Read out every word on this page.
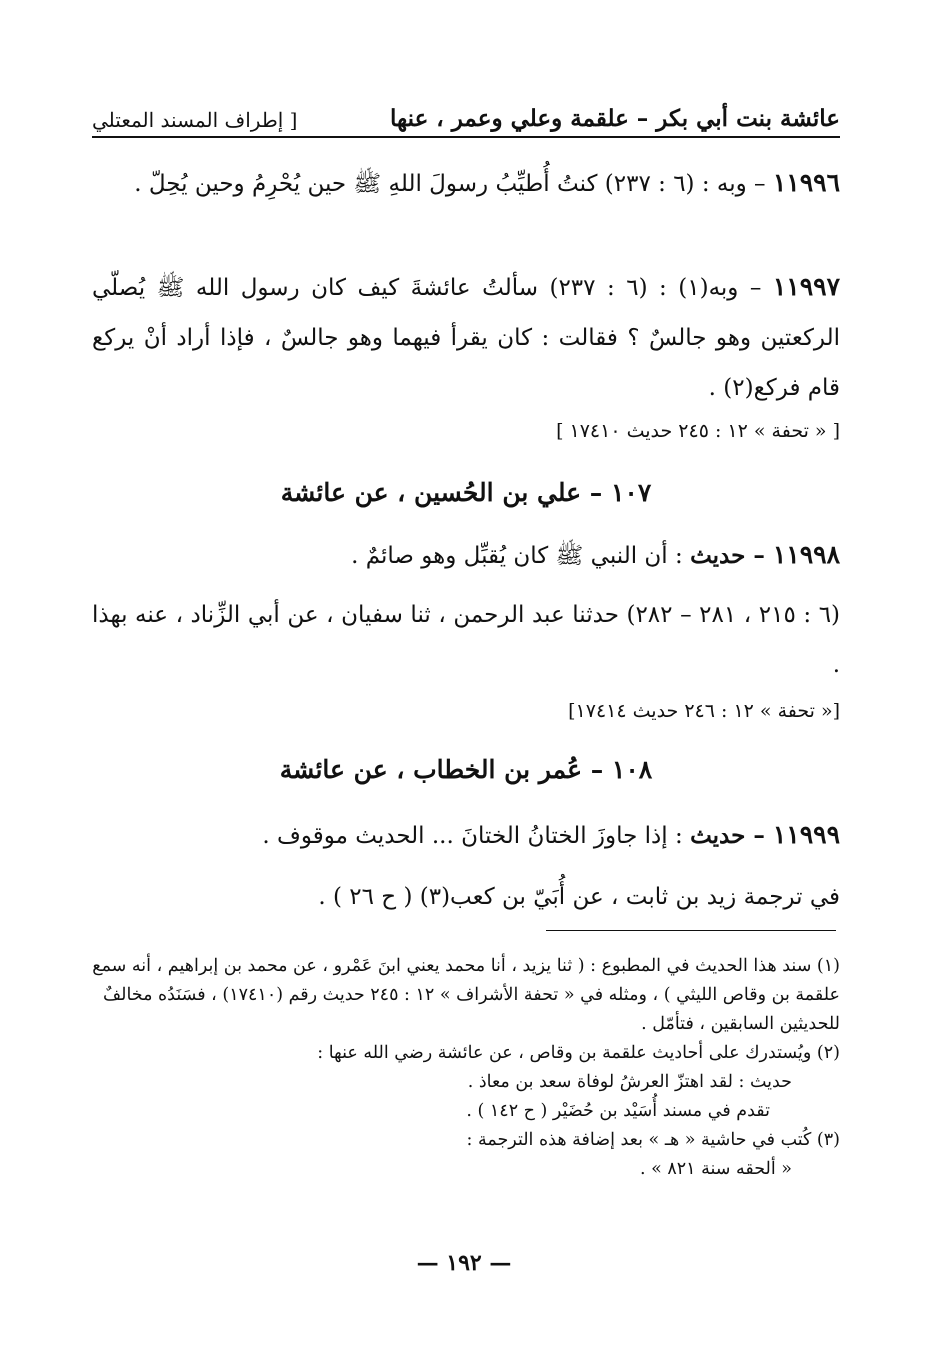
عائشة بنت أبي بكر – علقمة وعلي وعمر ، عنها
[ إطراف المسند المعتلي
١١٩٩٦ – وبه : (٦ : ٢٣٧) كنتُ أُطيِّبُ رسولَ اللهِ ﷺ حين يُحْرِمُ وحين يُحِلّ .
١١٩٩٧ – وبه(١) : (٦ : ٢٣٧) سألتُ عائشةَ كيف كان رسول الله ﷺ يُصلّي الركعتين وهو جالسٌ ؟ فقالت : كان يقرأ فيهما وهو جالسٌ ، فإذا أراد أنْ يركع قام فركع(٢) .
[ « تحفة » ١٢ : ٢٤٥ حديث ١٧٤١٠ ]
١٠٧ – علي بن الحُسين ، عن عائشة
١١٩٩٨ – حديث : أن النبي ﷺ كان يُقبِّل وهو صائمٌ .
(٦ : ٢١٥ ، ٢٨١ – ٢٨٢) حدثنا عبد الرحمن ، ثنا سفيان ، عن أبي الزِّناد ، عنه بهذا .
[« تحفة » ١٢ : ٢٤٦ حديث ١٧٤١٤]
١٠٨ – عُمر بن الخطاب ، عن عائشة
١١٩٩٩ – حديث : إذا جاوزَ الختانُ الختانَ ... الحديث موقوف .
في ترجمة زيد بن ثابت ، عن أُبَيّ بن كعب(٣) ( ح ٢٦ ) .
(١) سند هذا الحديث في المطبوع : ( ثنا يزيد ، أنا محمد يعني ابنَ عَمْرو ، عن محمد بن إبراهيم ، أنه سمع علقمة بن وقاص الليثي ) ، ومثله في « تحفة الأشراف » ١٢ : ٢٤٥ حديث رقم (١٧٤١٠) ، فسَنَدُه مخالفٌ للحديثين السابقين ، فتأمّل .
(٢) ويُستدرك على أحاديث علقمة بن وقاص ، عن عائشة رضي الله عنها :
حديث : لقد اهتزّ العرشُ لوفاة سعد بن معاذ .
تقدم في مسند أُسَيْد بن حُضَيْر ( ح ١٤٢ ) .
(٣) كُتب في حاشية « هـ » بعد إضافة هذه الترجمة :
« ألحقه سنة ٨٢١ » .
— ١٩٢ —
